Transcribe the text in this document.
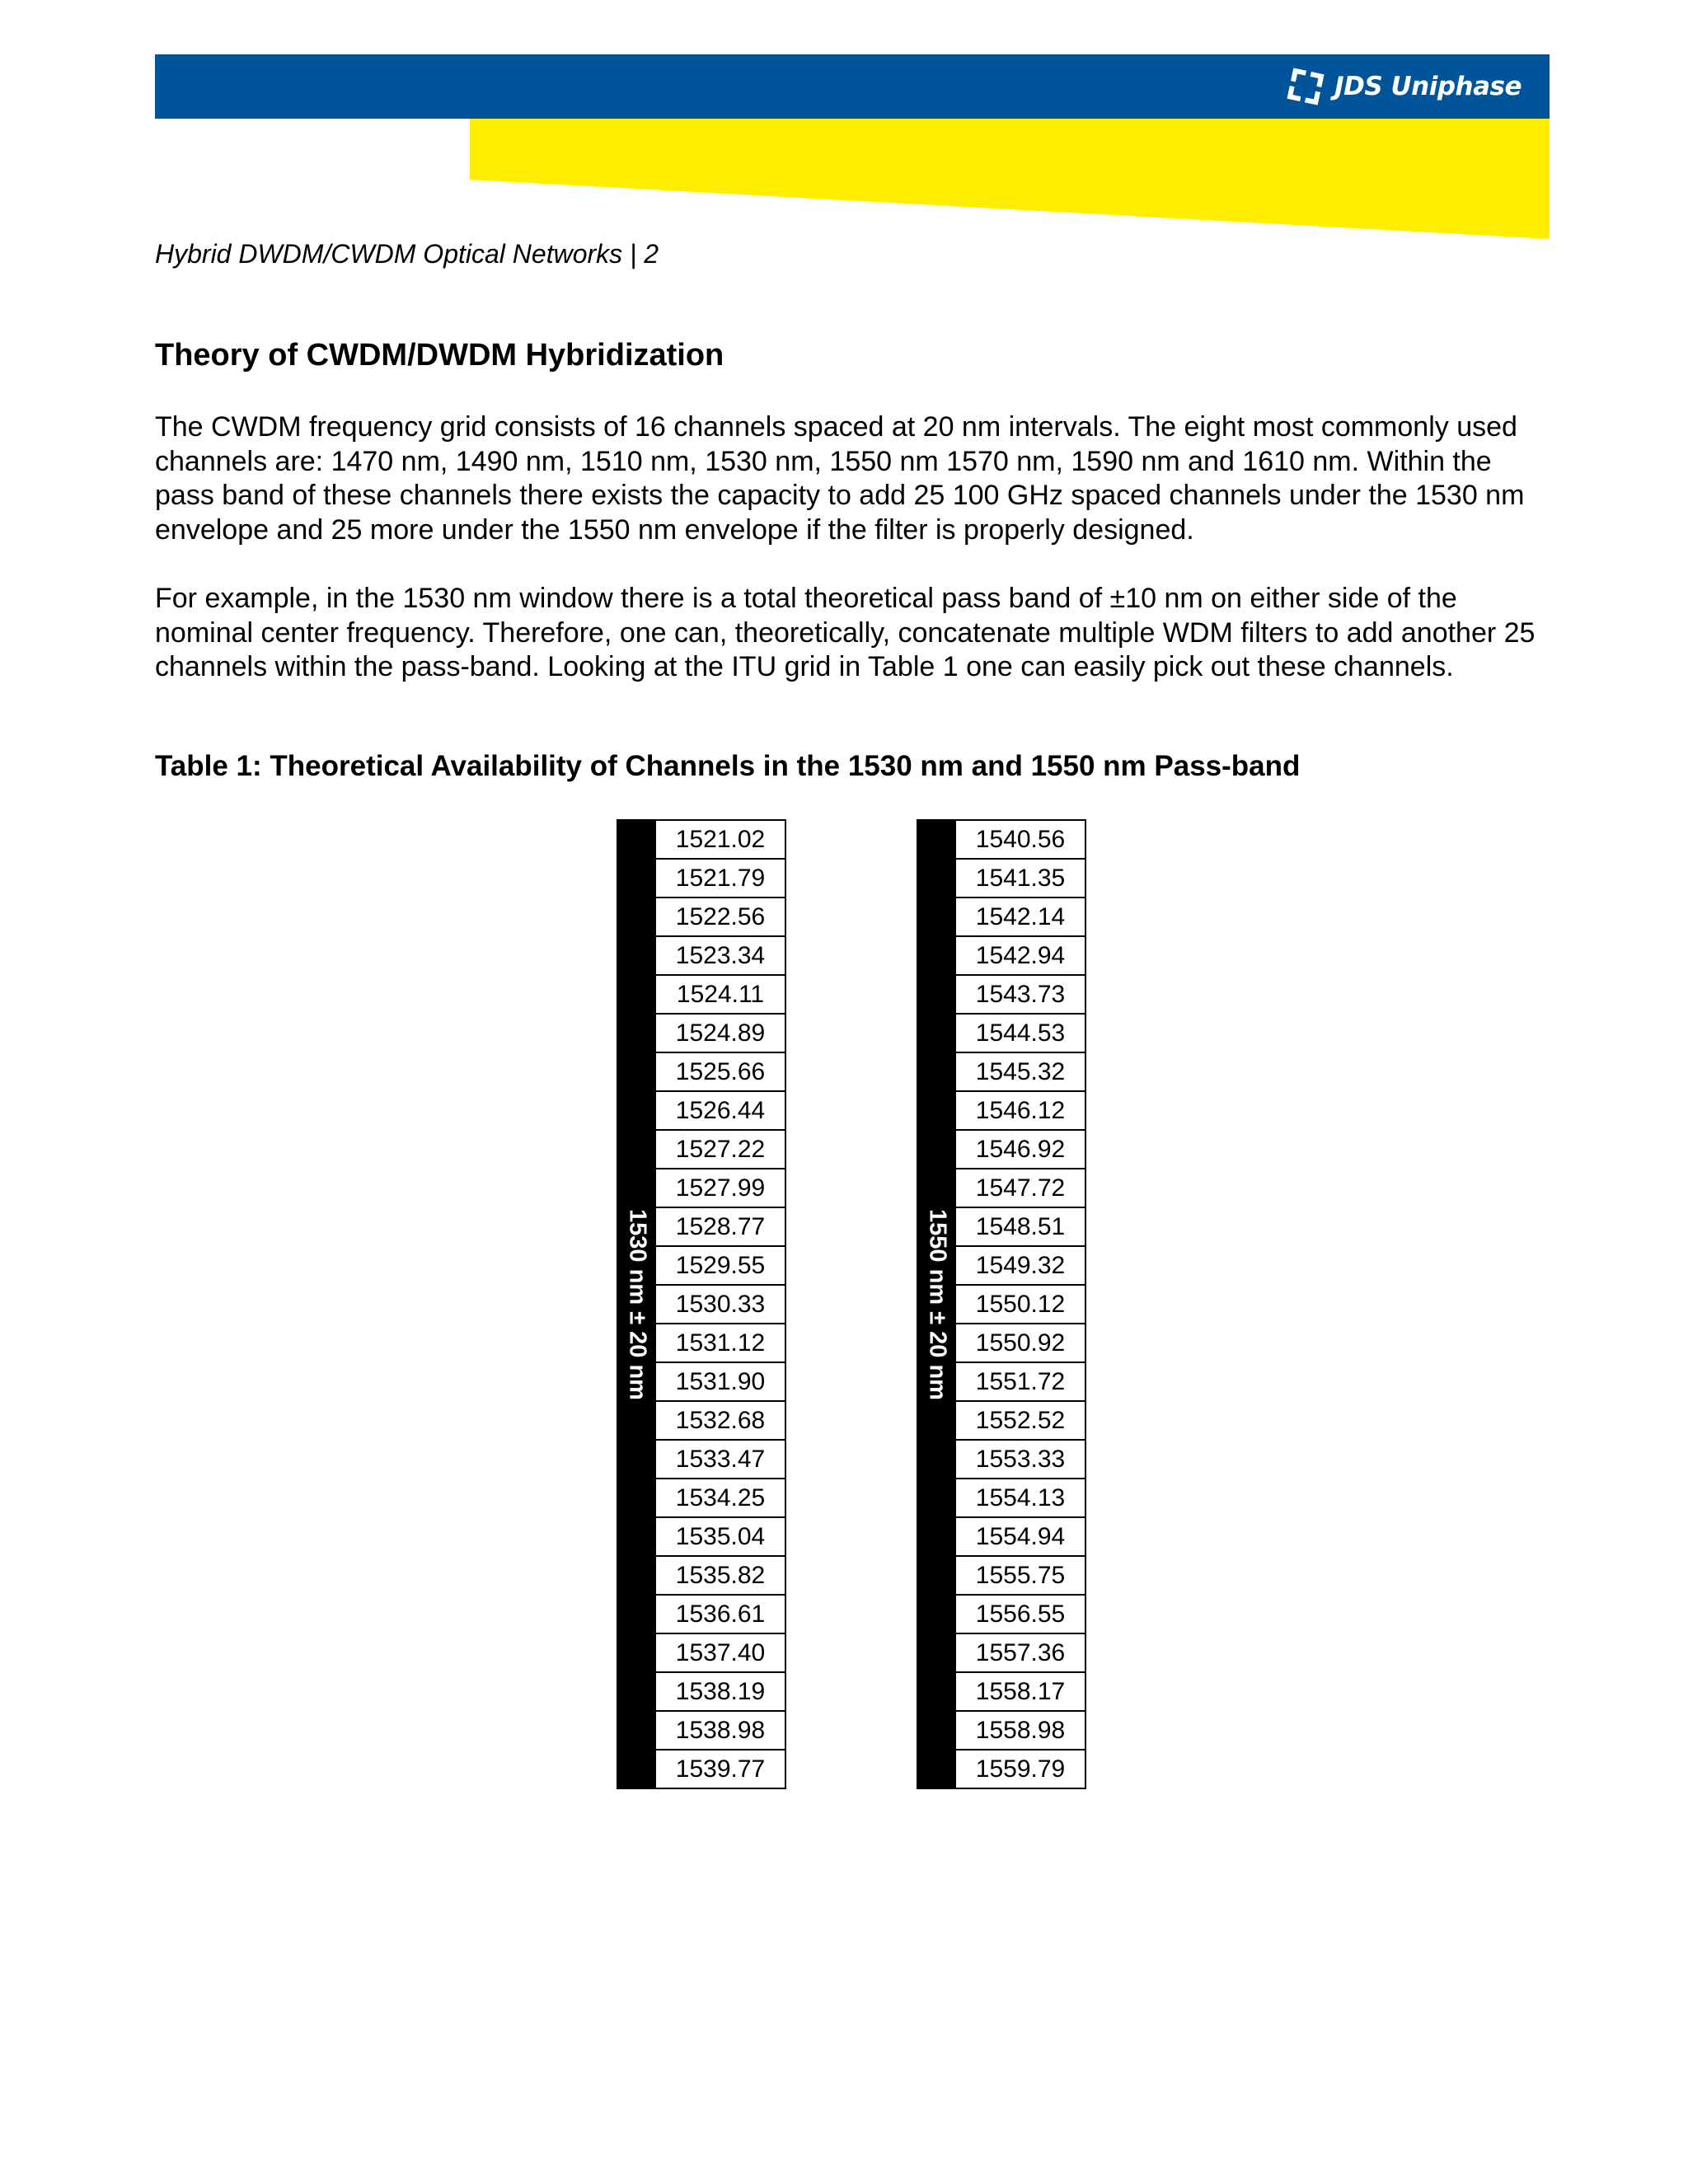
JDS Uniphase
Hybrid DWDM/CWDM Optical Networks | 2
Theory of CWDM/DWDM Hybridization

The CWDM frequency grid consists of 16 channels spaced at 20 nm intervals. The eight most commonly used channels are: 1470 nm, 1490 nm, 1510 nm, 1530 nm, 1550 nm 1570 nm, 1590 nm and 1610 nm. Within the pass band of these channels there exists the capacity to add 25 100 GHz spaced channels under the 1530 nm envelope and 25 more under the 1550 nm envelope if the filter is properly designed.

For example, in the 1530 nm window there is a total theoretical pass band of ±10 nm on either side of the nominal center frequency. Therefore, one can, theoretically, concatenate multiple WDM filters to add another 25 channels within the pass-band. Looking at the ITU grid in Table 1 one can easily pick out these channels.

Table 1: Theoretical Availability of Channels in the 1530 nm and 1550 nm Pass-band
1530 nm ± 20 nm
1521.02
1521.79
1522.56
1523.34
1524.11
1524.89
1525.66
1526.44
1527.22
1527.99
1528.77
1529.55
1530.33
1531.12
1531.90
1532.68
1533.47
1534.25
1535.04
1535.82
1536.61
1537.40
1538.19
1538.98
1539.77
1550 nm ± 20 nm
1540.56
1541.35
1542.14
1542.94
1543.73
1544.53
1545.32
1546.12
1546.92
1547.72
1548.51
1549.32
1550.12
1550.92
1551.72
1552.52
1553.33
1554.13
1554.94
1555.75
1556.55
1557.36
1558.17
1558.98
1559.79
